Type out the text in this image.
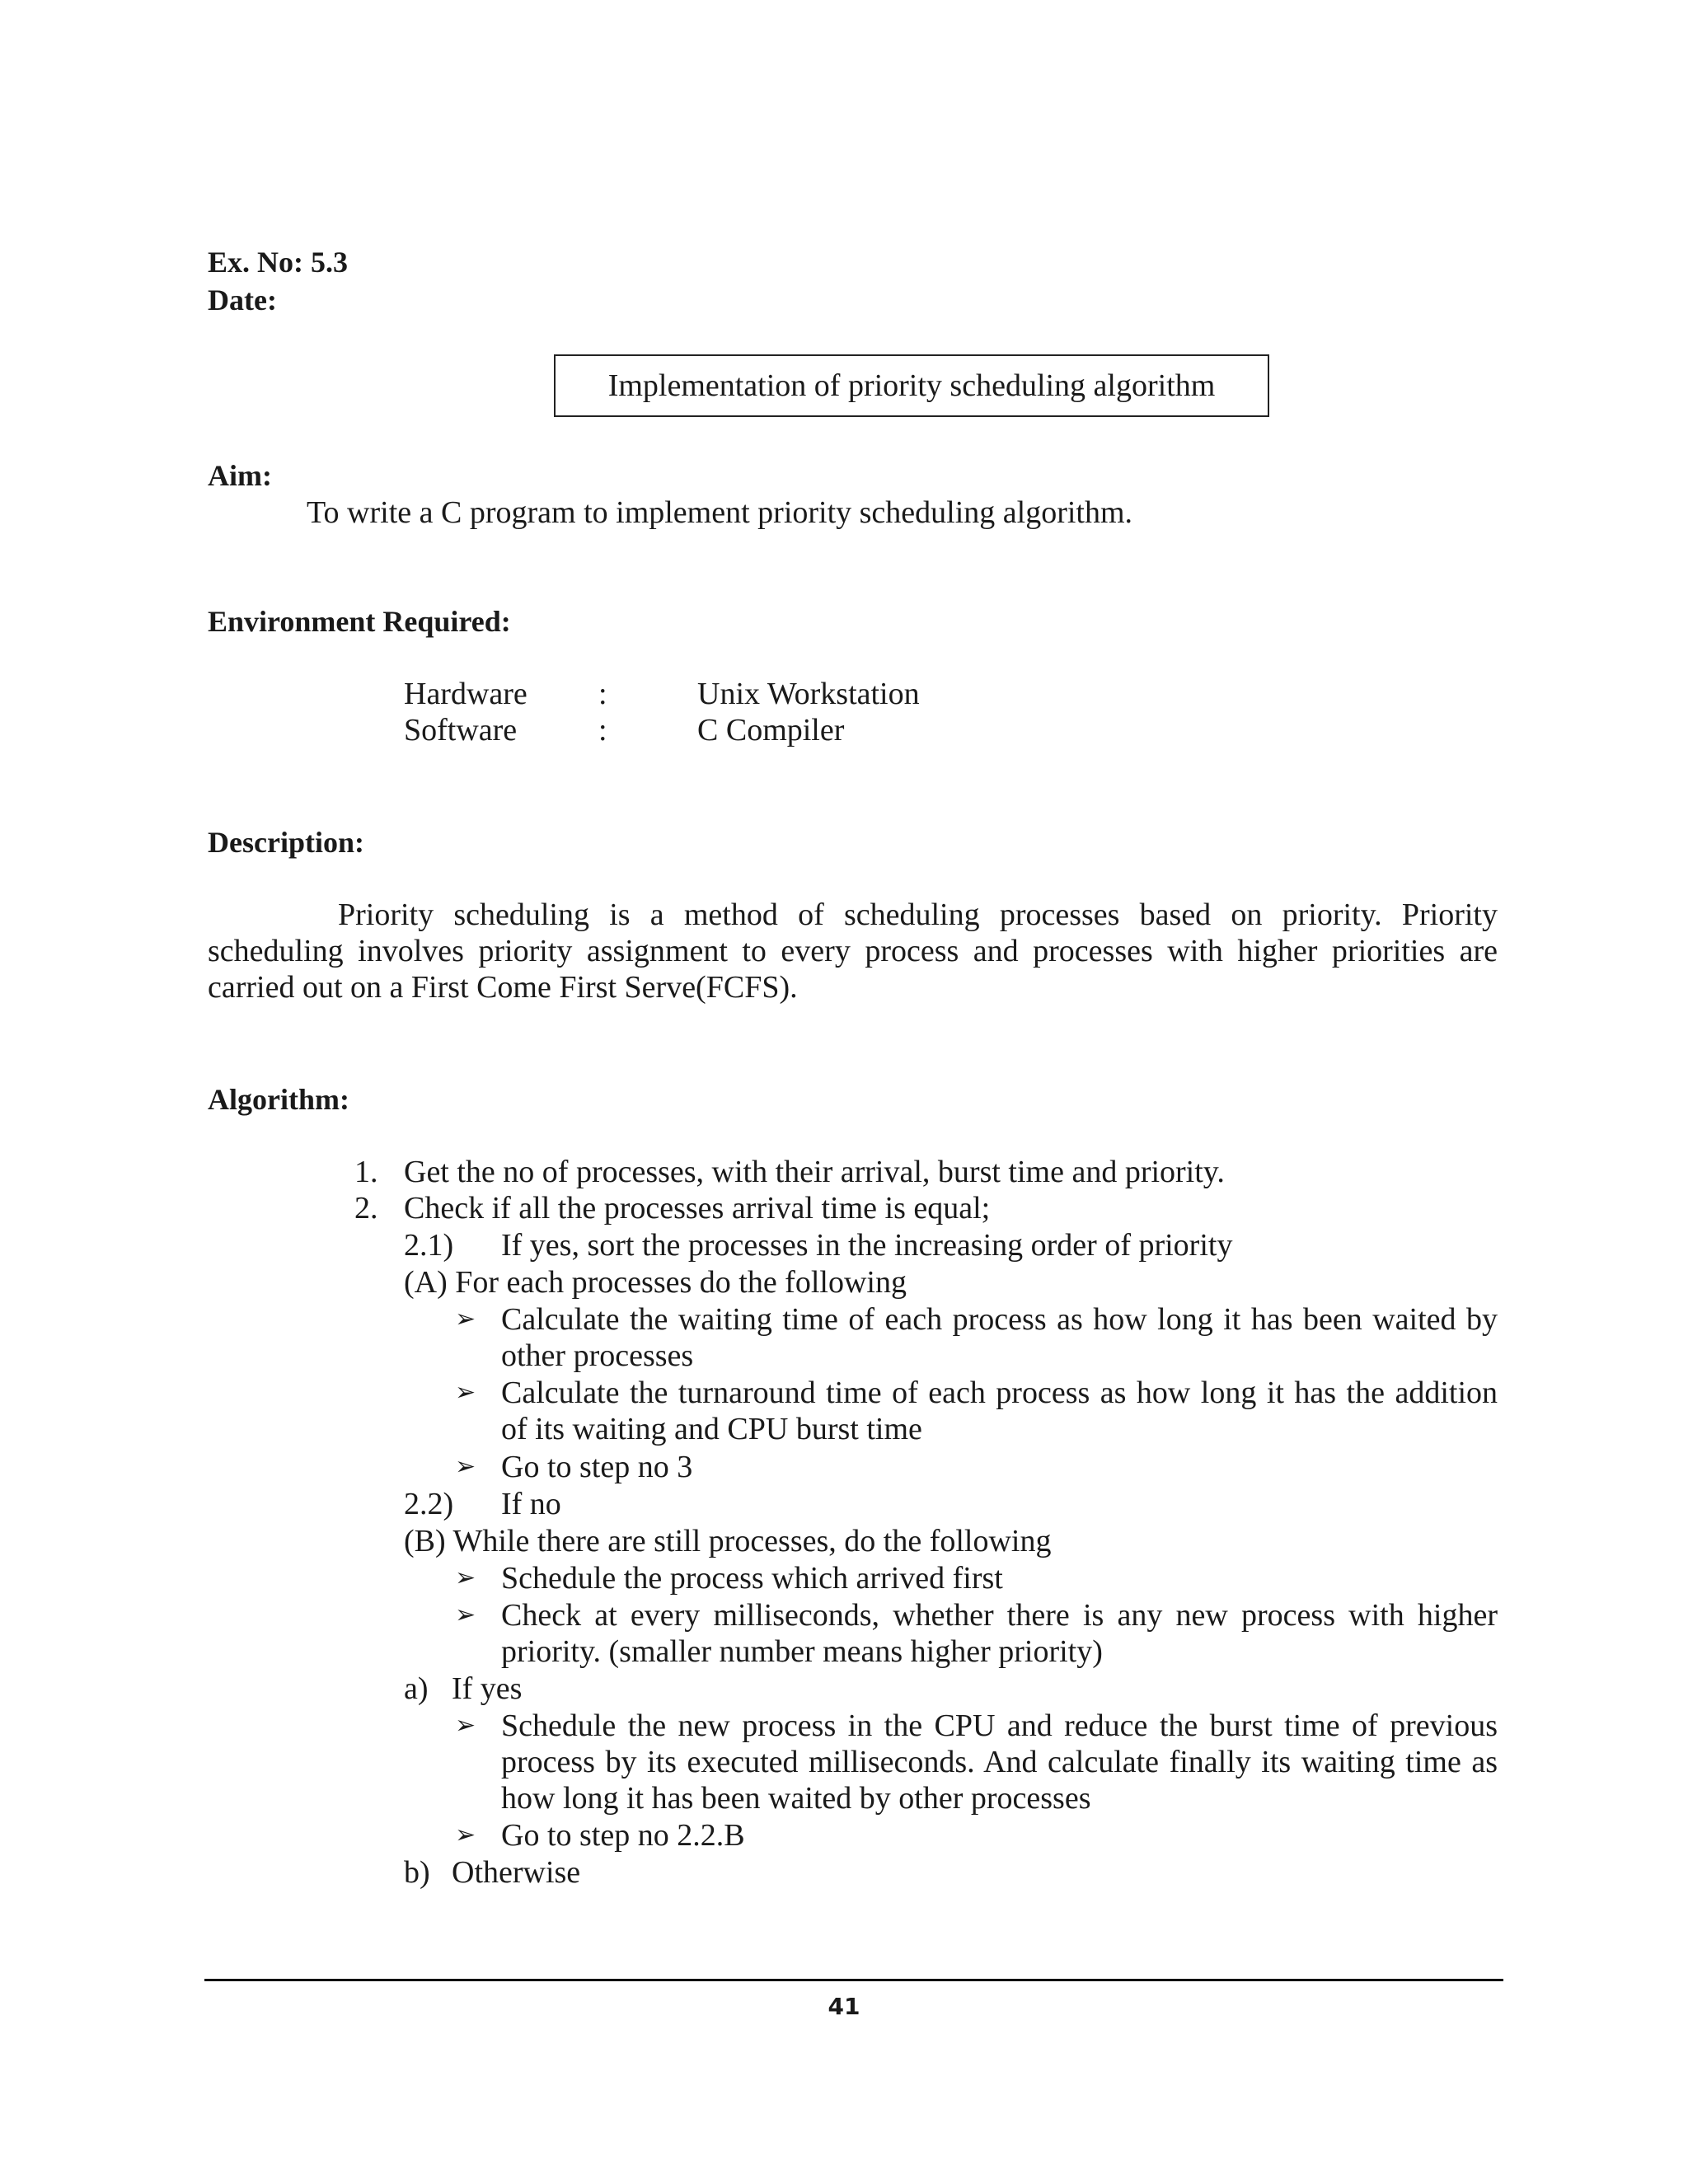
Ex. No: 5.3
Date:
Implementation of priority scheduling algorithm
Aim:
To write a C program to implement priority scheduling algorithm.
Environment Required:
Hardware :	Unix Workstation
Software	:	C Compiler
Description:
Priority scheduling is a method of scheduling processes based on priority. Priority
scheduling involves priority assignment to every process and processes with higher priorities are
carried out on a First Come First Serve(FCFS).
Algorithm:
1. Get the no of processes, with their arrival, burst time and priority.
2. Check if all the processes arrival time is equal;
2.1) If yes, sort the processes in the increasing order of priority
(A) For each processes do the following
➢ Calculate the waiting time of each process as how long it has been waited by
other processes
➢ Calculate the turnaround time of each process as how long it has the addition
of its waiting and CPU burst time
➢ Go to step no 3
2.2) If no
(B) While there are still processes, do the following
➢ Schedule the process which arrived first
➢ Check at every milliseconds, whether there is any new process with higher
priority. (smaller number means higher priority)
a) If yes
➢ Schedule the new process in the CPU and reduce the burst time of previous
process by its executed milliseconds. And calculate finally its waiting time as
how long it has been waited by other processes
➢ Go to step no 2.2.B
b) Otherwise
41
